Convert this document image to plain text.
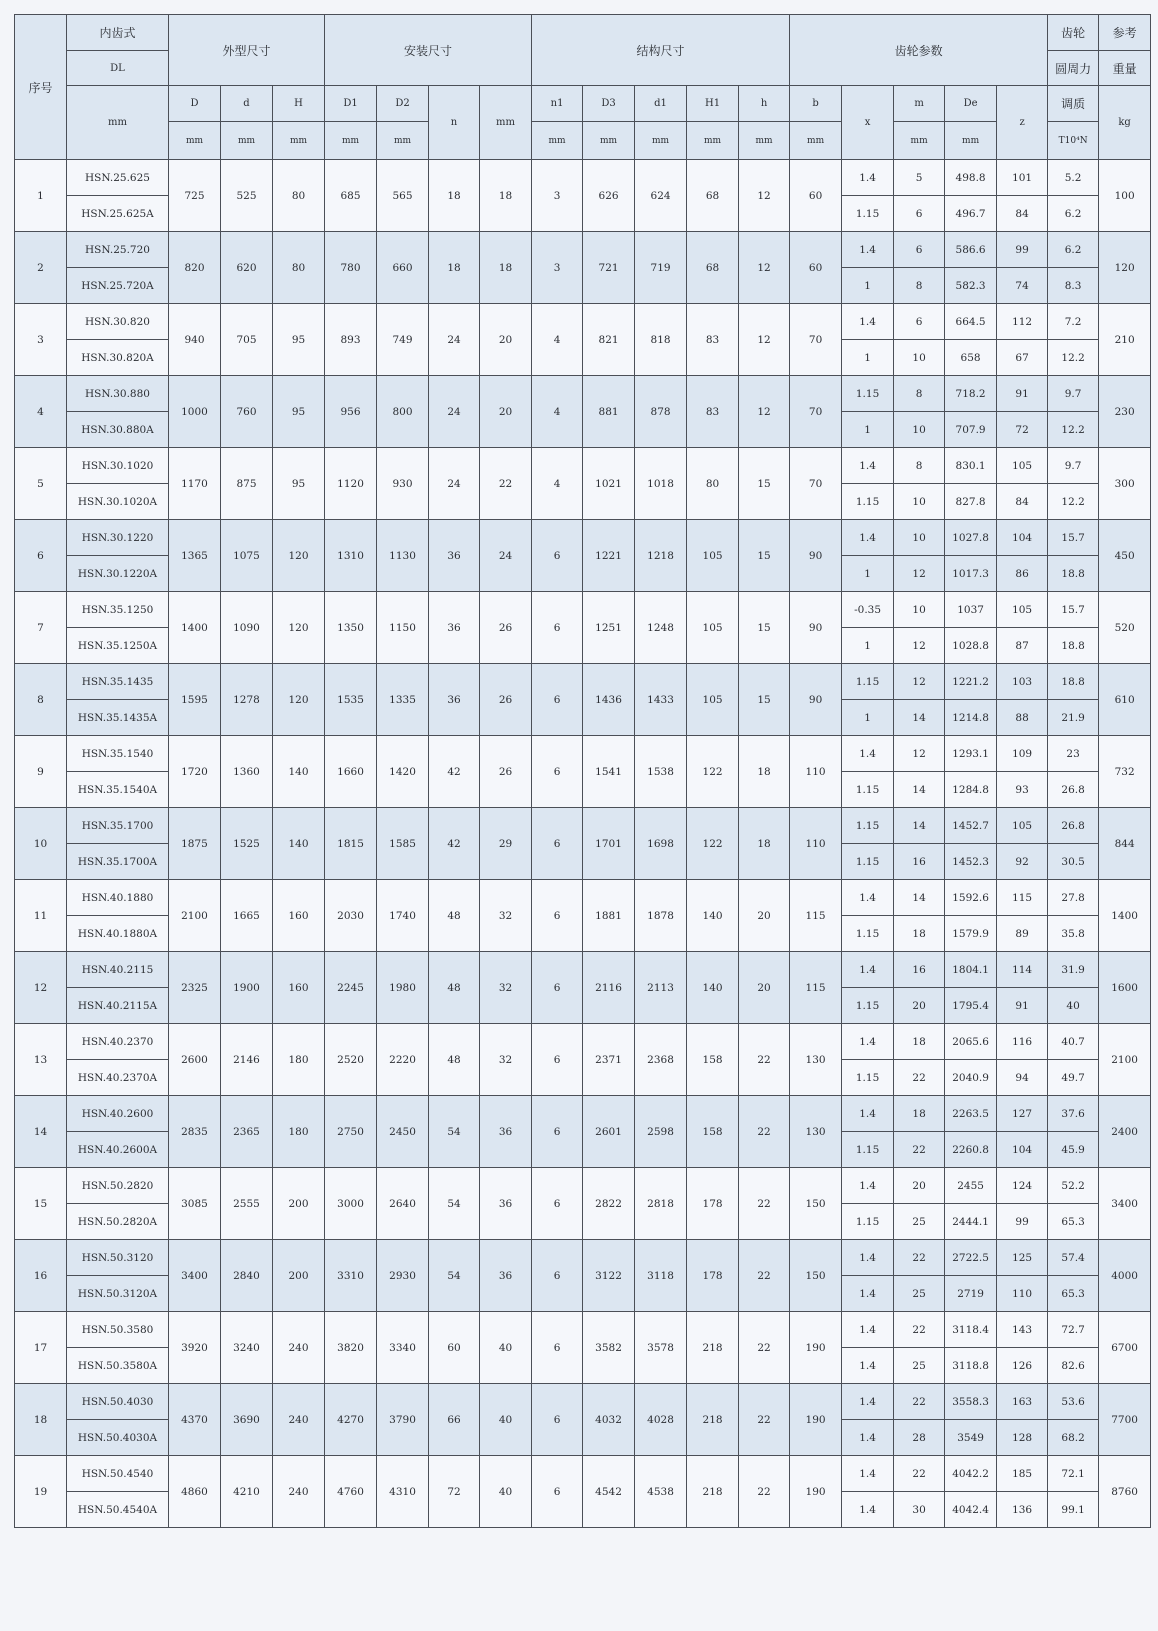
序号	内齿式	外型尺寸			安装尺寸				结构尺寸					齿轮参数					齿轮	参考
	DL																		圆周力	重量
	mm	D	d	H	D1	D2	n	mm	n1	D3	d1	H1	h	b	x	m	De	z	调质	kg
		mm	mm	mm	mm	mm			mm	mm	mm	mm	mm	mm		mm	mm		T10⁴N	
1	HSN.25.625	725	525	80	685	565	18	18	3	626	624	68	12	60	1.4	5	498.8	101	5.2	100
	HSN.25.625A														1.15	6	496.7	84	6.2	
2	HSN.25.720	820	620	80	780	660	18	18	3	721	719	68	12	60	1.4	6	586.6	99	6.2	120
	HSN.25.720A														1	8	582.3	74	8.3	
3	HSN.30.820	940	705	95	893	749	24	20	4	821	818	83	12	70	1.4	6	664.5	112	7.2	210
	HSN.30.820A														1	10	658	67	12.2	
4	HSN.30.880	1000	760	95	956	800	24	20	4	881	878	83	12	70	1.15	8	718.2	91	9.7	230
	HSN.30.880A														1	10	707.9	72	12.2	
5	HSN.30.1020	1170	875	95	1120	930	24	22	4	1021	1018	80	15	70	1.4	8	830.1	105	9.7	300
	HSN.30.1020A														1.15	10	827.8	84	12.2	
6	HSN.30.1220	1365	1075	120	1310	1130	36	24	6	1221	1218	105	15	90	1.4	10	1027.8	104	15.7	450
	HSN.30.1220A														1	12	1017.3	86	18.8	
7	HSN.35.1250	1400	1090	120	1350	1150	36	26	6	1251	1248	105	15	90	-0.35	10	1037	105	15.7	520
	HSN.35.1250A														1	12	1028.8	87	18.8	
8	HSN.35.1435	1595	1278	120	1535	1335	36	26	6	1436	1433	105	15	90	1.15	12	1221.2	103	18.8	610
	HSN.35.1435A														1	14	1214.8	88	21.9	
9	HSN.35.1540	1720	1360	140	1660	1420	42	26	6	1541	1538	122	18	110	1.4	12	1293.1	109	23	732
	HSN.35.1540A														1.15	14	1284.8	93	26.8	
10	HSN.35.1700	1875	1525	140	1815	1585	42	29	6	1701	1698	122	18	110	1.15	14	1452.7	105	26.8	844
	HSN.35.1700A														1.15	16	1452.3	92	30.5	
11	HSN.40.1880	2100	1665	160	2030	1740	48	32	6	1881	1878	140	20	115	1.4	14	1592.6	115	27.8	1400
	HSN.40.1880A														1.15	18	1579.9	89	35.8	
12	HSN.40.2115	2325	1900	160	2245	1980	48	32	6	2116	2113	140	20	115	1.4	16	1804.1	114	31.9	1600
	HSN.40.2115A														1.15	20	1795.4	91	40	
13	HSN.40.2370	2600	2146	180	2520	2220	48	32	6	2371	2368	158	22	130	1.4	18	2065.6	116	40.7	2100
	HSN.40.2370A														1.15	22	2040.9	94	49.7	
14	HSN.40.2600	2835	2365	180	2750	2450	54	36	6	2601	2598	158	22	130	1.4	18	2263.5	127	37.6	2400
	HSN.40.2600A														1.15	22	2260.8	104	45.9	
15	HSN.50.2820	3085	2555	200	3000	2640	54	36	6	2822	2818	178	22	150	1.4	20	2455	124	52.2	3400
	HSN.50.2820A														1.15	25	2444.1	99	65.3	
16	HSN.50.3120	3400	2840	200	3310	2930	54	36	6	3122	3118	178	22	150	1.4	22	2722.5	125	57.4	4000
	HSN.50.3120A														1.4	25	2719	110	65.3	
17	HSN.50.3580	3920	3240	240	3820	3340	60	40	6	3582	3578	218	22	190	1.4	22	3118.4	143	72.7	6700
	HSN.50.3580A														1.4	25	3118.8	126	82.6	
18	HSN.50.4030	4370	3690	240	4270	3790	66	40	6	4032	4028	218	22	190	1.4	22	3558.3	163	53.6	7700
	HSN.50.4030A														1.4	28	3549	128	68.2	
19	HSN.50.4540	4860	4210	240	4760	4310	72	40	6	4542	4538	218	22	190	1.4	22	4042.2	185	72.1	8760
	HSN.50.4540A														1.4	30	4042.4	136	99.1	
